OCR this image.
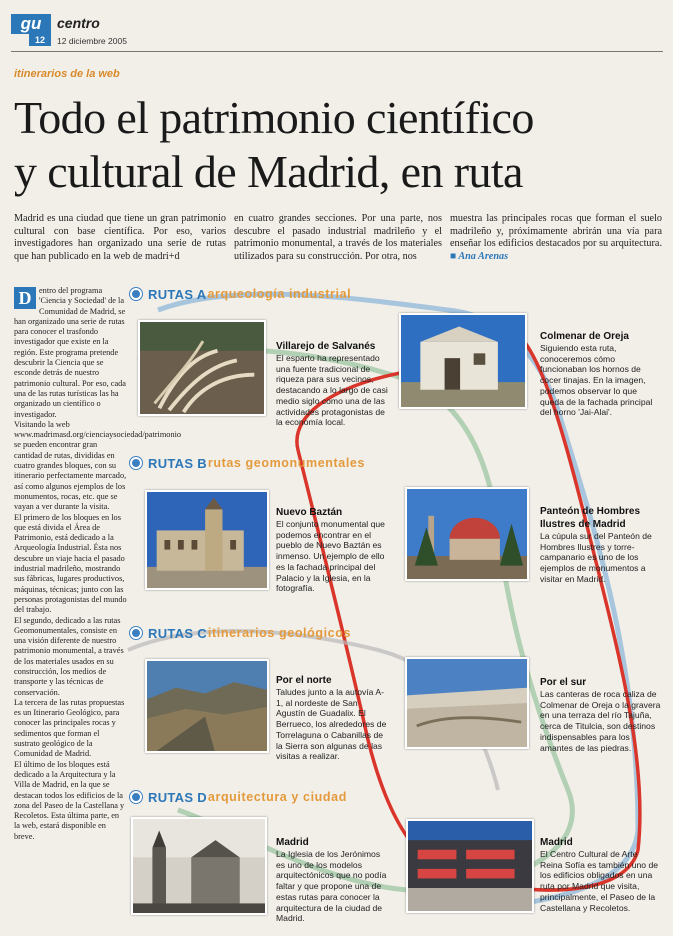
gu
12
centro
12 diciembre 2005
itinerarios de la web
Todo el patrimonio científico
y cultural de Madrid, en ruta
Madrid es una ciudad que tiene un gran patrimonio cultural con base científica. Por eso, varios investigadores han organizado una serie de rutas que han publicado en la web de madri+d
en cuatro grandes secciones. Por una parte, nos descubre el pasado industrial madrileño y el patrimonio monumental, a través de los materiales utilizados para su construcción. Por otra, nos
muestra las principales rocas que forman el suelo madrileño y, próximamente abrirán una vía para enseñar los edificios destacados por su arquitectura. ■ Ana Arenas

D entro del programa 'Ciencia y Sociedad' de la Comunidad de Madrid, se han organizado una serie de rutas para conocer el trasfondo investigador que existe en la región. Este programa pretende descubrir la Ciencia que se esconde detrás de nuestro patrimonio cultural. Por eso, cada una de las rutas turísticas las ha organizado un científico o investigador.

Visitando la web www.madrimasd.org/cienciaysociedad/patrimonio se pueden encontrar gran cantidad de rutas, divididas en cuatro grandes bloques, con su itinerario perfectamente marcado, así como algunos ejemplos de los monumentos, rocas, etc. que se vayan a ver durante la visita.

El primero de los bloques en los que está divida el Área de Patrimonio, está dedicado a la Arqueología Industrial. Ésta nos descubre un viaje hacia el pasado industrial madrileño, mostrando sus fábricas, lugares productivos, máquinas, técnicas; junto con las personas protagonistas del mundo del trabajo.

El segundo, dedicado a las rutas Geomonumentales, consiste en una visión diferente de nuestro patrimonio monumental, a través de los materiales usados en su construcción, los medios de transporte y las técnicas de conservación.

La tercera de las rutas propuestas es un Itinerario Geológico, para conocer las principales rocas y sedimentos que forman el sustrato geológico de la Comunidad de Madrid.

El último de los bloques está dedicado a la Arquitectura y la Villa de Madrid, en la que se destacan todos los edificios de la zona del Paseo de la Castellana y Recoletos. Esta última parte, en la web, estará disponible en breve.

RUTAS A arqueología industrial
RUTAS B rutas geomonumentales
RUTAS C itinerarios geológicos
RUTAS D arquitectura y ciudad
Villarejo de Salvanés
El esparto ha representado una fuente tradicional de riqueza para sus vecinos, destacando a lo largo de casi medio siglo como una de las actividades protagonistas de la economía local.
Colmenar de Oreja
Siguiendo esta ruta, conoceremos cómo funcionaban los hornos de cocer tinajas. En la imagen, podemos observar lo que queda de la fachada principal del horno 'Jai-Alai'.
Nuevo Baztán
El conjunto monumental que podemos encontrar en el pueblo de Nuevo Baztán es inmenso. Un ejemplo de ello es la fachada principal del Palacio y la Iglesia, en la fotografía.
Panteón de Hombres Ilustres de Madrid
La cúpula sur del Panteón de Hombres Ilustres y torre-campanario es uno de los ejemplos de monumentos a visitar en Madrid.
Por el norte
Taludes junto a la autovía A-1, al nordeste de San Agustín de Guadalix. El Berrueco, los alrededores de Torrelaguna o Cabanillas de la Sierra son algunas de las visitas a realizar.
Por el sur
Las canteras de roca caliza de Colmenar de Oreja o la gravera en una terraza del río Tajuña, cerca de Titulcia, son destinos indispensables para los amantes de las piedras.
Madrid
La Iglesia de los Jerónimos es uno de los modelos arquitectónicos que no podía faltar y que propone una de estas rutas para conocer la arquitectura de la ciudad de Madrid.
Madrid
El Centro Cultural de Arte Reina Sofía es también uno de los edificios obligados en una ruta por Madrid que visita, principalmente, el Paseo de la Castellana y Recoletos.
